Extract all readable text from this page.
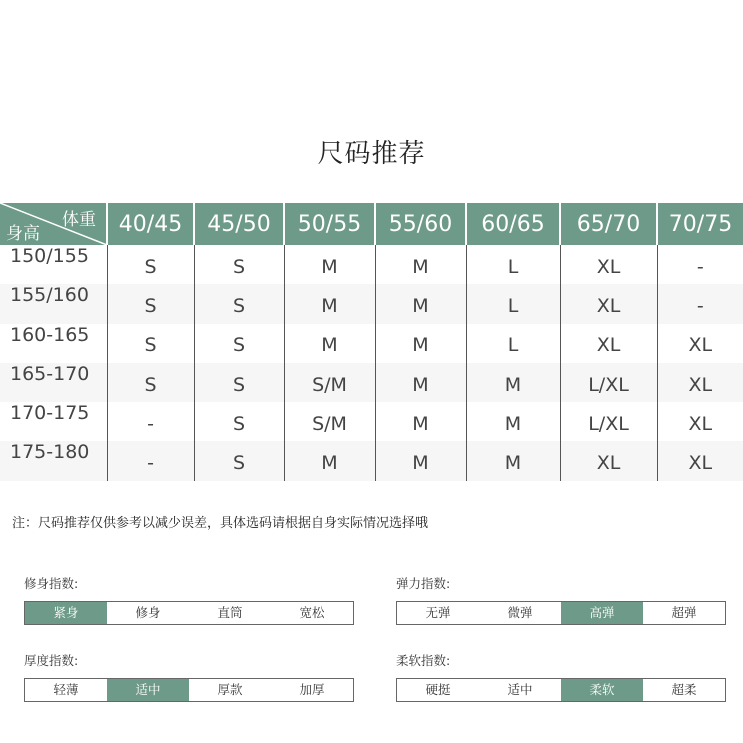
尺码推荐
体重
身高	40/45	45/50	50/55	55/60	60/65	65/70	70/75
150/155	S	S	M	M	L	XL	-
155/160	S	S	M	M	L	XL	-
160-165	S	S	M	M	L	XL	XL
165-170	S	S	S/M	M	M	L/XL	XL
170-175	-	S	S/M	M	M	L/XL	XL
175-180	-	S	M	M	M	XL	XL
注：尺码推荐仅供参考以减少误差，具体选码请根据自身实际情况选择哦
修身指数:
紧身	修身	直筒	宽松
弹力指数:
无弹	微弹	高弹	超弹
厚度指数:
轻薄	适中	厚款	加厚
柔软指数:
硬挺	适中	柔软	超柔
